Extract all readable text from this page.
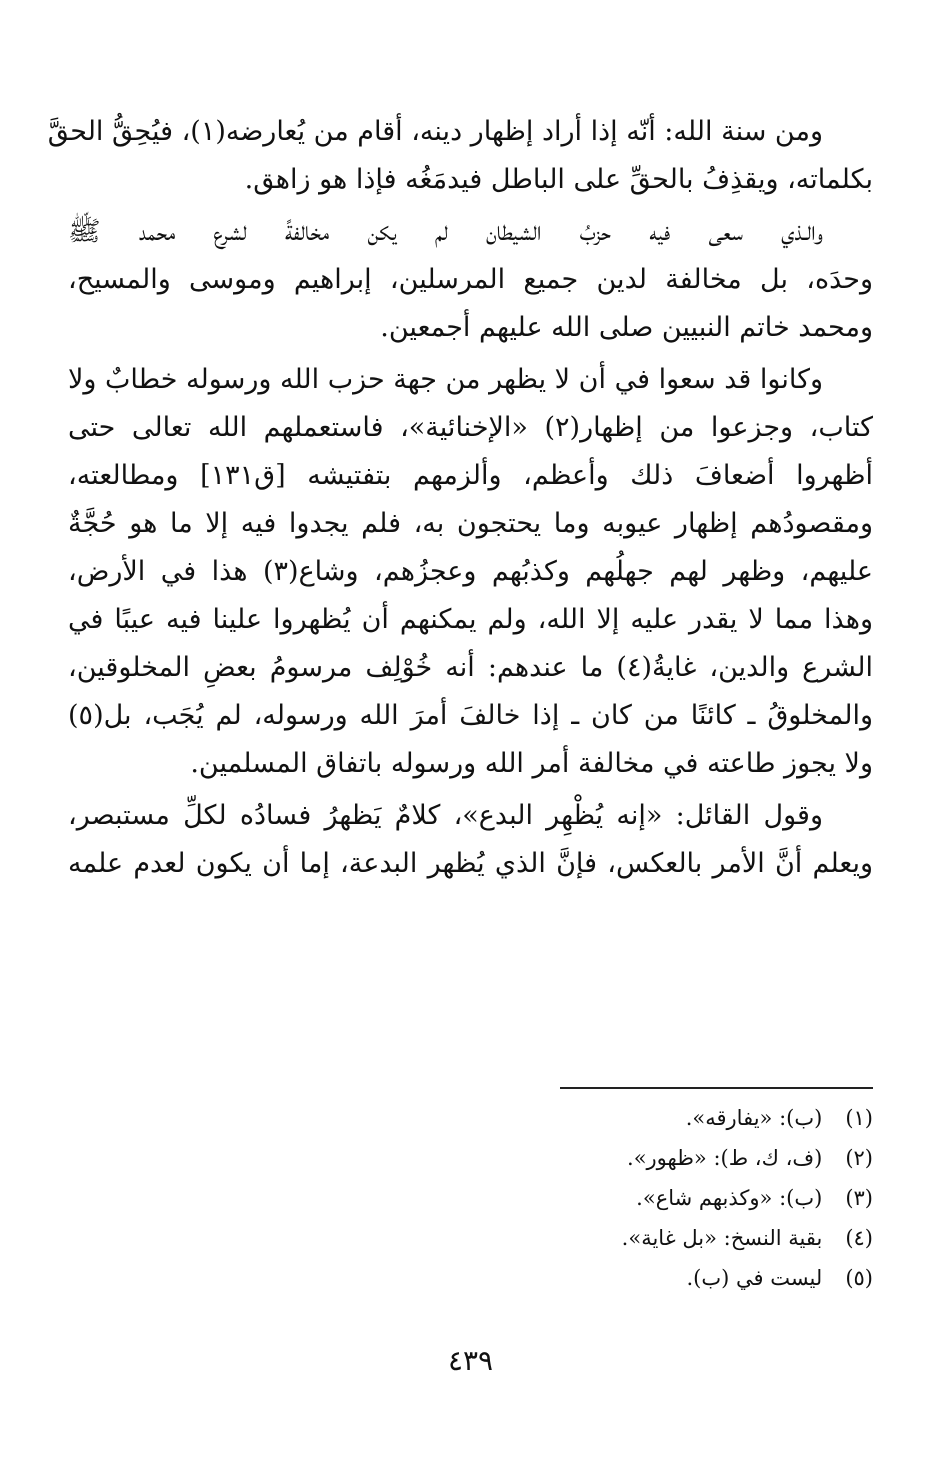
ومن سنة الله: أنّه إذا أراد إظهار دينه، أقام من يُعارضه(١)، فيُحِقُّ الحقَّ
بكلماته، ويقذِفُ بالحقِّ على الباطل فيدمَغُه فإذا هو زاهق.
والـذي سعى فيه حزبُ الشيطان لم يكن مخالفةً لشرع محمد ﷺ
وحدَه، بل مخالفة لدين جميع المرسلين، إبراهيم وموسى والمسيح،
ومحمد خاتم النبيين صلى الله عليهم أجمعين.
وكانوا قد سعوا في أن لا يظهر من جهة حزب الله ورسوله خطابٌ ولا
كتاب، وجزعوا من إظهار(٢) «الإخنائية»، فاستعملهم الله تعالى حتى
أظهروا أضعافَ ذلك وأعظم، وألزمهم بتفتيشه [ق١٣١] ومطالعته،
ومقصودُهم إظهار عيوبه وما يحتجون به، فلم يجدوا فيه إلا ما هو حُجَّةٌ
عليهم، وظهر لهم جهلُهم وكذبُهم وعجزُهم، وشاع(٣) هذا في الأرض،
وهذا مما لا يقدر عليه إلا الله، ولم يمكنهم أن يُظهروا علينا فيه عيبًا في
الشرع والدين، غايةُ(٤) ما عندهم: أنه خُوْلِف مرسومُ بعضِ المخلوقين،
والمخلوقُ ـ كائنًا من كان ـ إذا خالفَ أمرَ الله ورسوله، لم يُجَب، بل(٥)
ولا يجوز طاعته في مخالفة أمر الله ورسوله باتفاق المسلمين.
وقول القائل: «إنه يُظْهِر البدع»، كلامٌ يَظهرُ فسادُه لكلِّ مستبصر،
ويعلم أنَّ الأمر بالعكس، فإنَّ الذي يُظهر البدعة، إما أن يكون لعدم علمه
(١) (ب): «يفارقه».
(٢) (ف، ك، ط): «ظهور».
(٣) (ب): «وكذبهم شاع».
(٤) بقية النسخ: «بل غاية».
(٥) ليست في (ب).
٤٣٩
